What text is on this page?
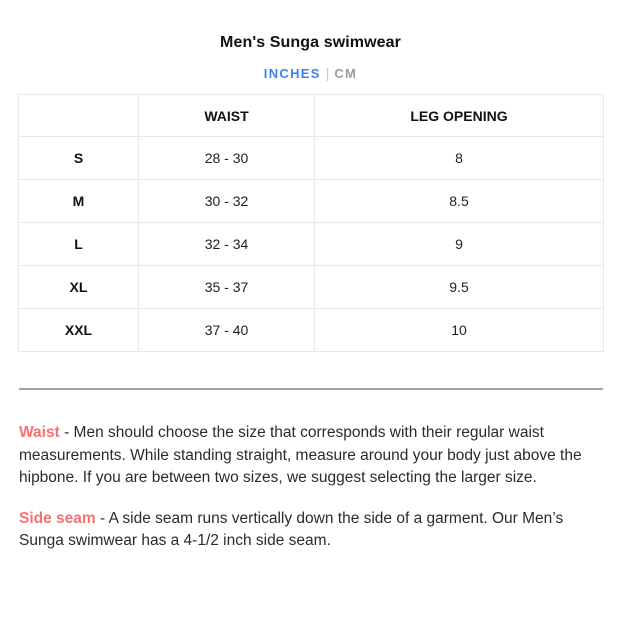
Men's Sunga swimwear
INCHES | CM
	WAIST	LEG OPENING
S	28 - 30	8
M	30 - 32	8.5
L	32 - 34	9
XL	35 - 37	9.5
XXL	37 - 40	10

Waist - Men should choose the size that corresponds with their regular waist measurements. While standing straight, measure around your body just above the hipbone. If you are between two sizes, we suggest selecting the larger size.

Side seam - A side seam runs vertically down the side of a garment. Our Men’s Sunga swimwear has a 4-1/2 inch side seam.
